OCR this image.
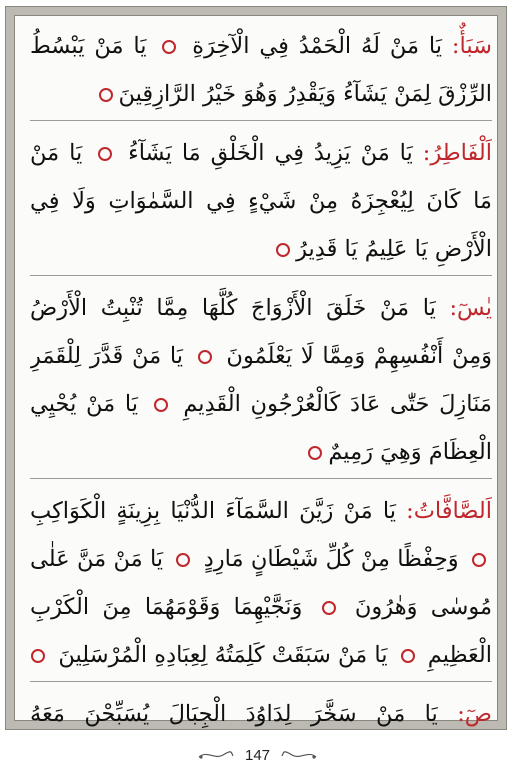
سَبَأٌ: يَا مَنْ لَهُ الْحَمْدُ فِي الْآخِرَةِ  يَا مَنْ يَبْسُطُ
الرِّزْقَ لِمَنْ يَشَآءُ وَيَقْدِرُ وَهُوَ خَيْرُ الرَّازِقِينَ
اَلْفَاطِرُ: يَا مَنْ يَزِيدُ فِي الْخَلْقِ مَا يَشَآءُ  يَا مَنْ
مَا كَانَ لِيُعْجِزَهُ مِنْ شَيْءٍ فِي السَّمٰوَاتِ وَلَا فِي
الْأَرْضِ يَا عَلِيمُ يَا قَدِيرُ
يٰسٓ: يَا مَنْ خَلَقَ الْأَزْوَاجَ كُلَّهَا مِمَّا تُنْبِتُ الْأَرْضُ
وَمِنْ أَنْفُسِهِمْ وَمِمَّا لَا يَعْلَمُونَ  يَا مَنْ قَدَّرَ لِلْقَمَرِ
مَنَازِلَ حَتّٰى عَادَ كَالْعُرْجُونِ الْقَدِيمِ  يَا مَنْ يُحْيِي
الْعِظَامَ وَهِيَ رَمِيمٌ
اَلصَّافَّاتُ: يَا مَنْ زَيَّنَ السَّمَآءَ الدُّنْيَا بِزِينَةٍ الْكَوَاكِبِ
وَحِفْظًا مِنْ كُلِّ شَيْطَانٍ مَارِدٍ  يَا مَنْ مَنَّ عَلٰى
مُوسٰى وَهٰرُونَ  وَنَجَّيْهِمَا وَقَوْمَهُمَا مِنَ الْكَرْبِ
الْعَظِيمِ  يَا مَنْ سَبَقَتْ كَلِمَتُهُ لِعِبَادِهِ الْمُرْسَلِينَ
صٓ: يَا مَنْ سَخَّرَ لِدَاوُدَ الْجِبَالَ يُسَبِّحْنَ مَعَهُ
147
